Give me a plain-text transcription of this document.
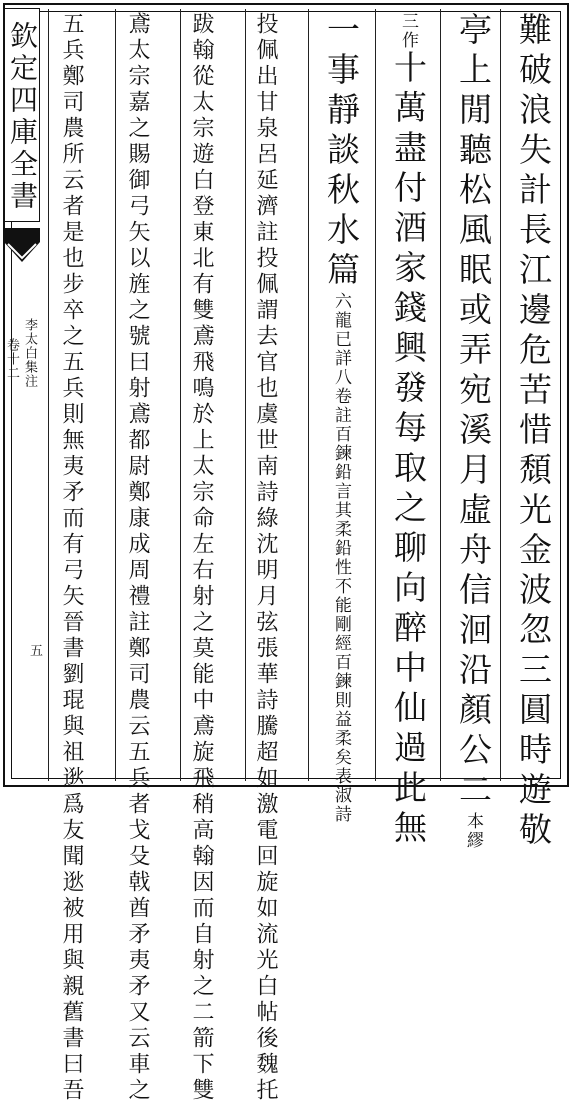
難破浪失計長江邊危苦惜頹光金波忽三圓時遊敬
亭上閒聽松風眠或弄宛溪月虛舟信洄沿顏公二本繆
三作十萬盡付酒家錢興發每取之聊向醉中仙過此無
一事靜談秋水篇六龍已詳八卷註百鍊鉛言其柔鉛性不能剛經百鍊則益柔矣表淑詩
投佩出甘泉呂延濟註投佩謂去官也虞世南詩綠沈明月弦張華詩騰超如激電回旋如流光白帖後魏托
跋翰從太宗遊白登東北有雙鳶飛鳴於上太宗命左右射之莫能中鳶旋飛稍高翰因而自射之二箭下雙
鳶太宗嘉之賜御弓矢以旌之號曰射鳶都尉鄭康成周禮註鄭司農云五兵者戈殳戟酋矛夷矛又云車之
五兵鄭司農所云者是也步卒之五兵則無夷矛而有弓矢晉書劉琨與祖逖爲友聞逖被用與親舊書曰吾
欽定四庫全書
李太白集注
卷十二
五
